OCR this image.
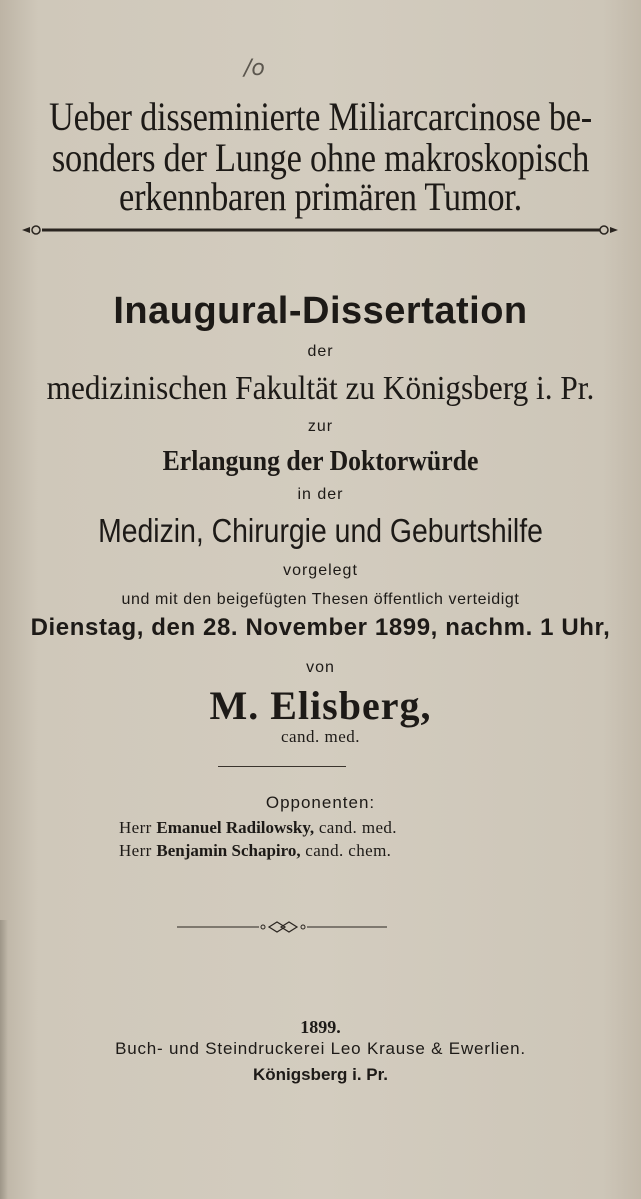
/o
Ueber disseminierte Miliarcarcinose be-
sonders der Lunge ohne makroskopisch
erkennbaren primären Tumor.
Inaugural-Dissertation
der
medizinischen Fakultät zu Königsberg i. Pr.
zur
Erlangung der Doktorwürde
in der
Medizin, Chirurgie und Geburtshilfe
vorgelegt
und mit den beigefügten Thesen öffentlich verteidigt
Dienstag, den 28. November 1899, nachm. 1 Uhr,
von
M. Elisberg,
cand. med.
Opponenten:
Herr Emanuel Radilowsky, cand. med.
Herr Benjamin Schapiro, cand. chem.
1899.
Buch- und Steindruckerei Leo Krause & Ewerlien.
Königsberg i. Pr.
